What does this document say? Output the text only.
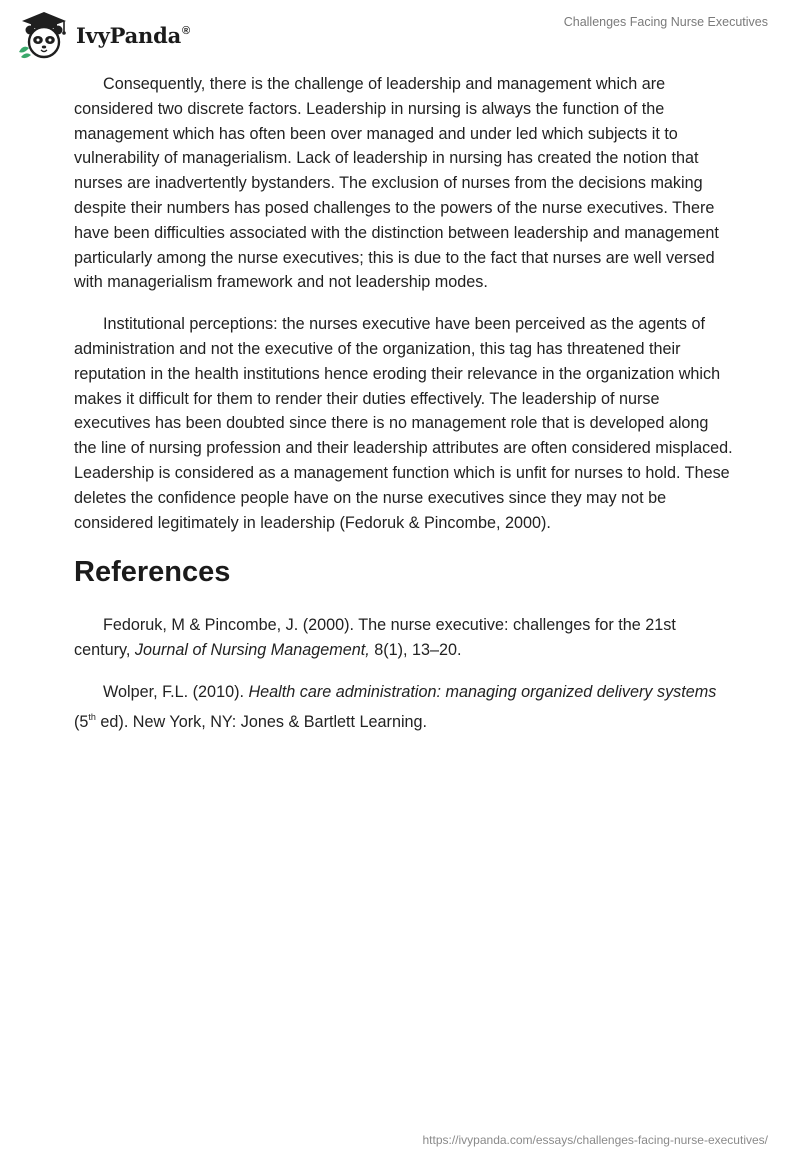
IvyPanda®
Challenges Facing Nurse Executives

Consequently, there is the challenge of leadership and management which are considered two discrete factors. Leadership in nursing is always the function of the management which has often been over managed and under led which subjects it to vulnerability of managerialism. Lack of leadership in nursing has created the notion that nurses are inadvertently bystanders. The exclusion of nurses from the decisions making despite their numbers has posed challenges to the powers of the nurse executives. There have been difficulties associated with the distinction between leadership and management particularly among the nurse executives; this is due to the fact that nurses are well versed with managerialism framework and not leadership modes.

Institutional perceptions: the nurses executive have been perceived as the agents of administration and not the executive of the organization, this tag has threatened their reputation in the health institutions hence eroding their relevance in the organization which makes it difficult for them to render their duties effectively. The leadership of nurse executives has been doubted since there is no management role that is developed along the line of nursing profession and their leadership attributes are often considered misplaced. Leadership is considered as a management function which is unfit for nurses to hold. These deletes the confidence people have on the nurse executives since they may not be considered legitimately in leadership (Fedoruk & Pincombe, 2000).

References

Fedoruk, M & Pincombe, J. (2000). The nurse executive: challenges for the 21st century, Journal of Nursing Management, 8(1), 13–20.

Wolper, F.L. (2010). Health care administration: managing organized delivery systems (5th ed). New York, NY: Jones & Bartlett Learning.

https://ivypanda.com/essays/challenges-facing-nurse-executives/
